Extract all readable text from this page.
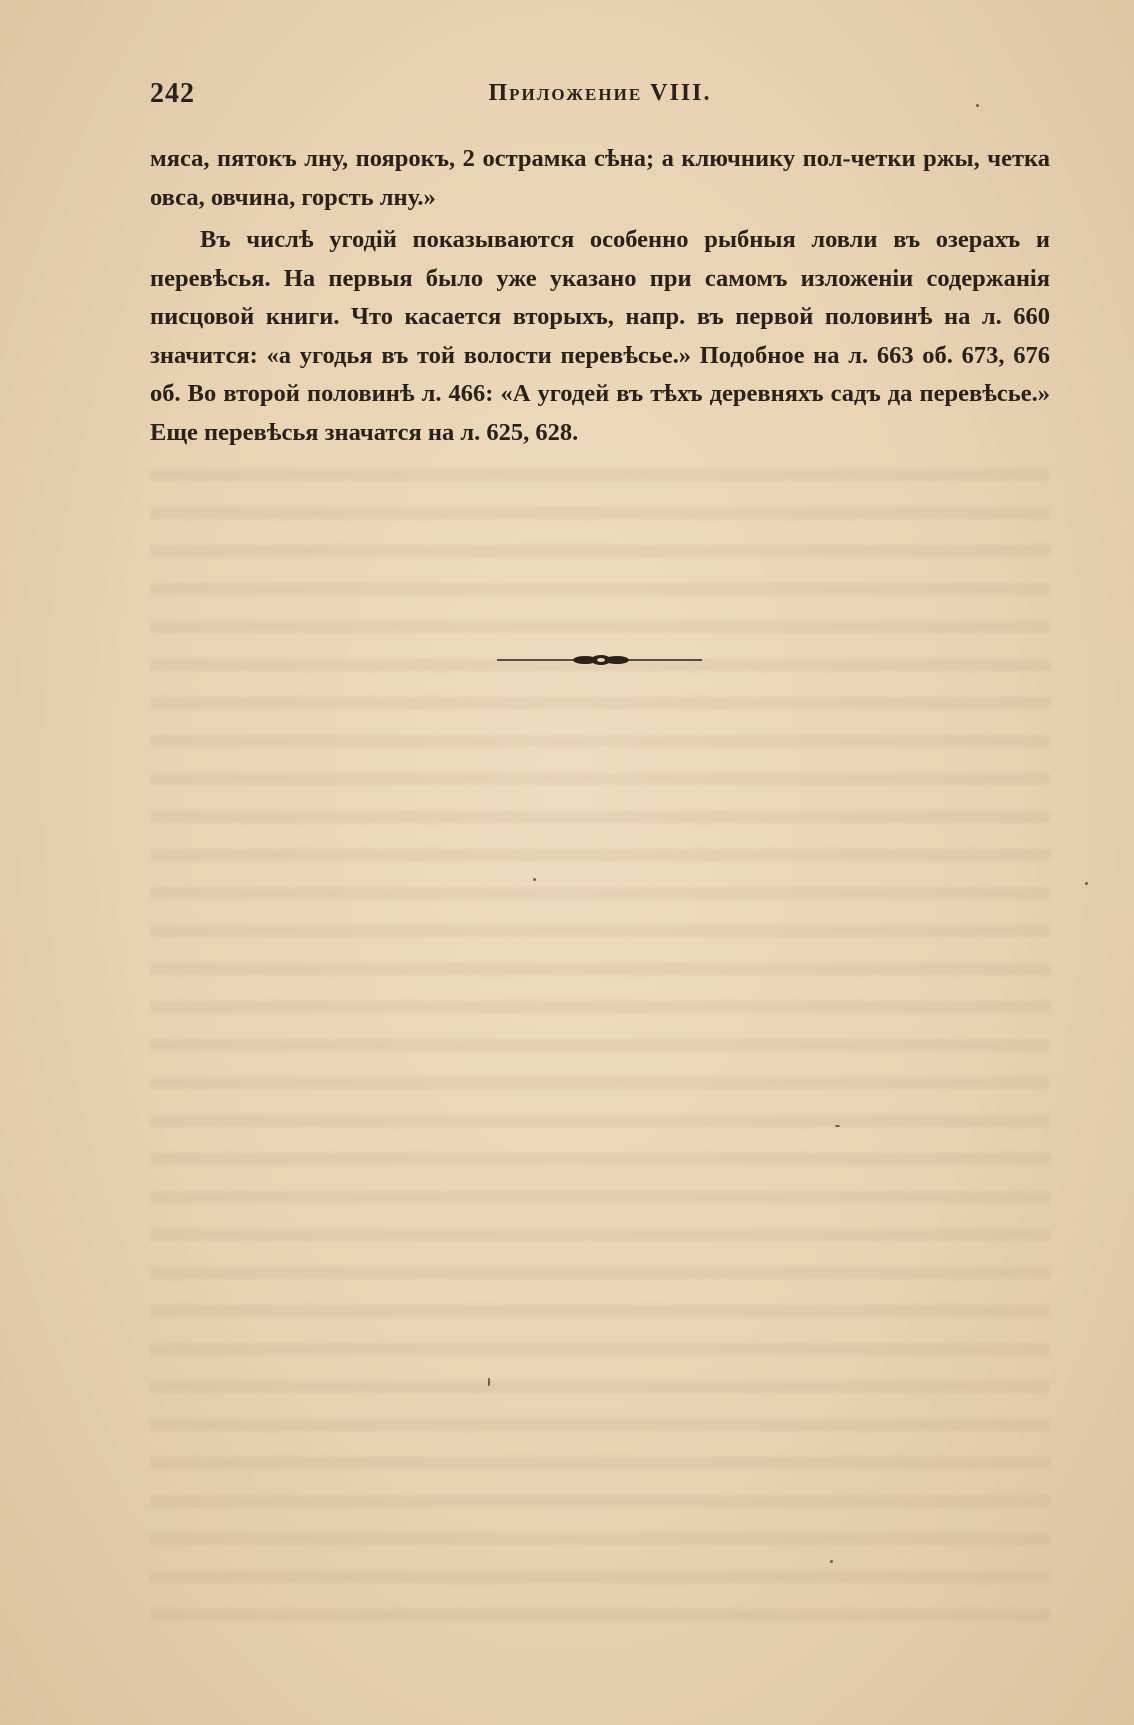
242	Приложение VIII.

мяса, пятокъ лну, поярокъ, 2 острамка сѣна; а ключнику пол-четки ржы, четка овса, овчина, горсть лну.»

Въ числѣ угодій показываются особенно рыбныя ловли въ озерахъ и перевѣсья. На первыя было уже указано при самомъ изложеніи содержанія писцовой книги. Что касается вторыхъ, напр. въ первой половинѣ на л. 660 значится: «а угодья въ той волости перевѣсье.» Подобное на л. 663 об. 673, 676 об. Во второй половинѣ л. 466: «А угодей въ тѣхъ деревняхъ садъ да перевѣсье.» Еще перевѣсья значатся на л. 625, 628.
